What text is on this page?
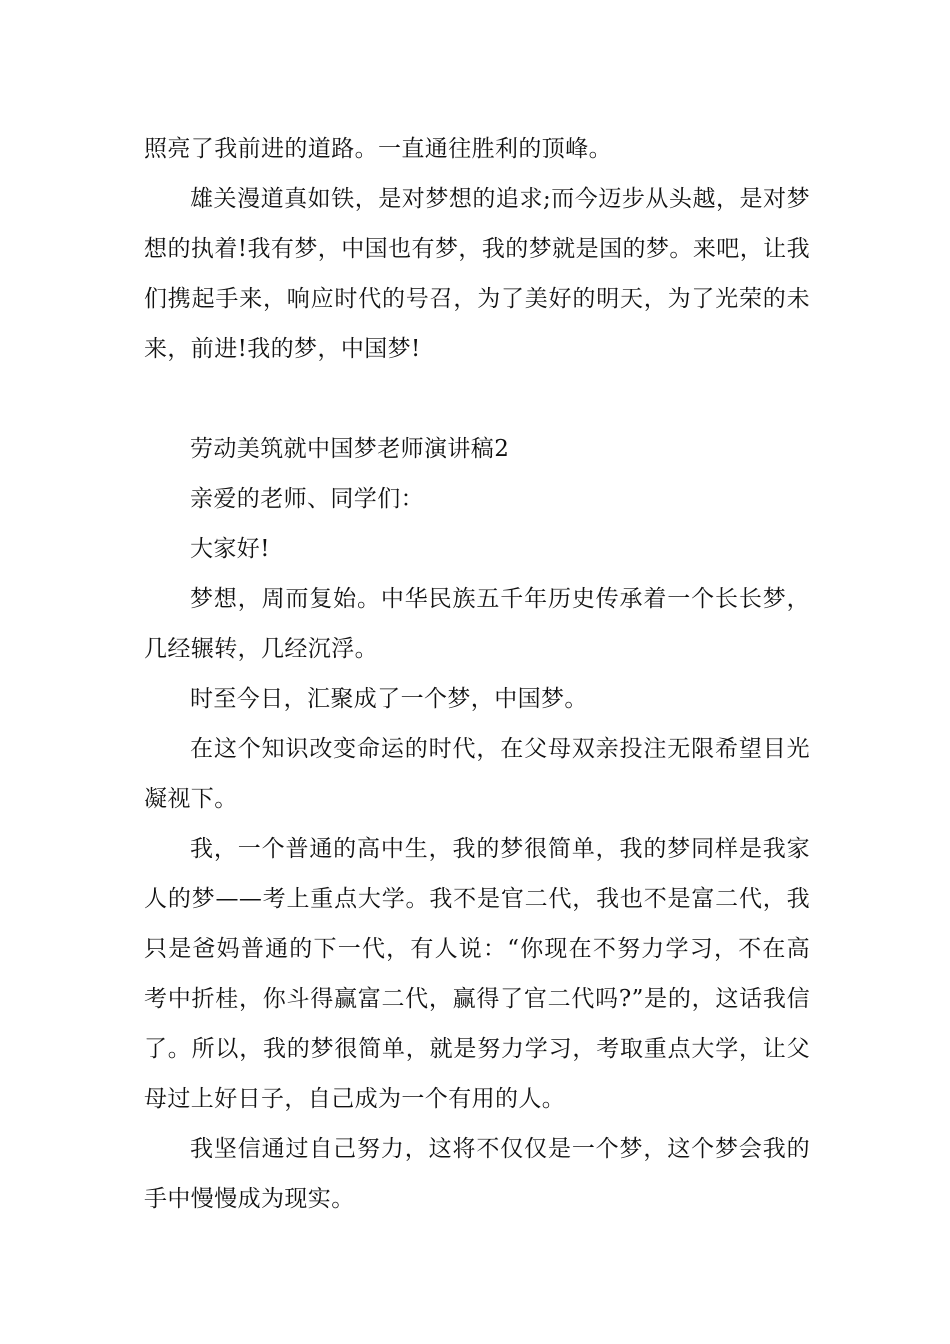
照亮了我前进的道路。一直通往胜利的顶峰。

雄关漫道真如铁，是对梦想的追求;而今迈步从头越，是对梦想的执着!我有梦，中国也有梦，我的梦就是国的梦。来吧，让我们携起手来，响应时代的号召，为了美好的明天，为了光荣的未来，前进!我的梦，中国梦!

劳动美筑就中国梦老师演讲稿2

亲爱的老师、同学们：

大家好!

梦想，周而复始。中华民族五千年历史传承着一个长长梦，几经辗转，几经沉浮。

时至今日，汇聚成了一个梦，中国梦。

在这个知识改变命运的时代，在父母双亲投注无限希望目光凝视下。

我，一个普通的高中生，我的梦很简单，我的梦同样是我家人的梦——考上重点大学。我不是官二代，我也不是富二代，我只是爸妈普通的下一代，有人说：“你现在不努力学习，不在高考中折桂，你斗得赢富二代，赢得了官二代吗?”是的，这话我信了。所以，我的梦很简单，就是努力学习，考取重点大学，让父母过上好日子，自己成为一个有用的人。

我坚信通过自己努力，这将不仅仅是一个梦，这个梦会我的手中慢慢成为现实。
